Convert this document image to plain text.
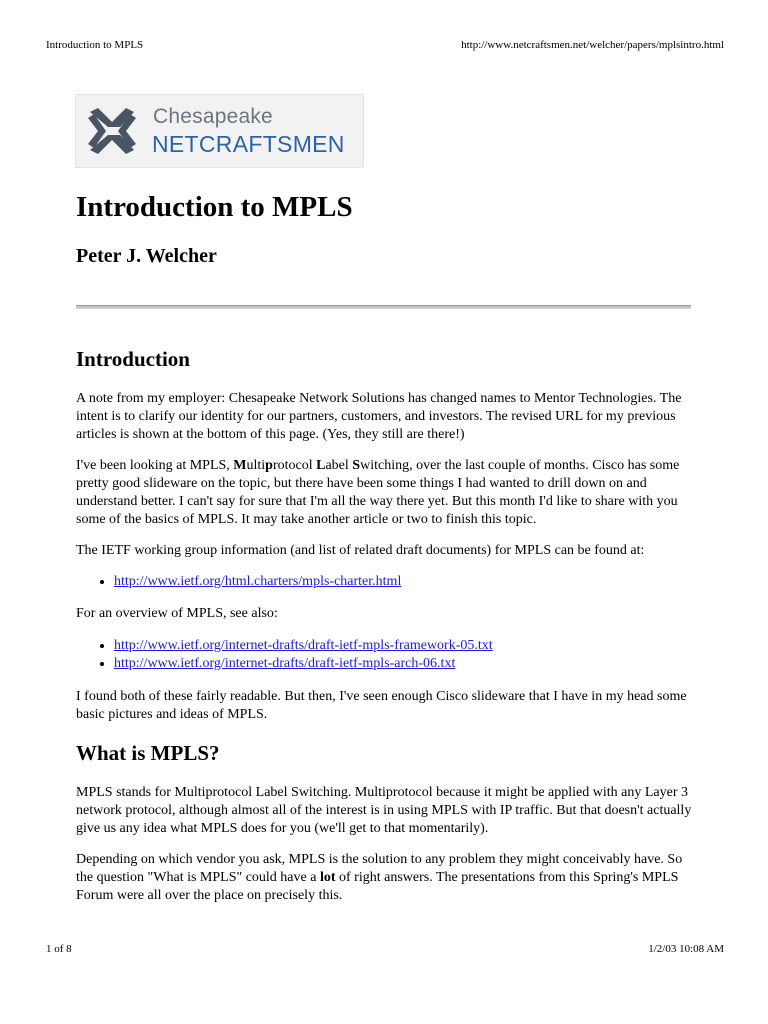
Introduction to MPLS	http://www.netcraftsmen.net/welcher/papers/mplsintro.html
Chesapeake
NETCRAFTSMEN
Introduction to MPLS
Peter J. Welcher
Introduction

A note from my employer: Chesapeake Network Solutions has changed names to Mentor Technologies. The intent is to clarify our identity for our partners, customers, and investors. The revised URL for my previous articles is shown at the bottom of this page. (Yes, they still are there!)

I've been looking at MPLS, Multiprotocol Label Switching, over the last couple of months. Cisco has some pretty good slideware on the topic, but there have been some things I had wanted to drill down on and understand better. I can't say for sure that I'm all the way there yet. But this month I'd like to share with you some of the basics of MPLS. It may take another article or two to finish this topic.

The IETF working group information (and list of related draft documents) for MPLS can be found at:

• http://www.ietf.org/html.charters/mpls-charter.html

For an overview of MPLS, see also:

• http://www.ietf.org/internet-drafts/draft-ietf-mpls-framework-05.txt
• http://www.ietf.org/internet-drafts/draft-ietf-mpls-arch-06.txt

I found both of these fairly readable. But then, I've seen enough Cisco slideware that I have in my head some basic pictures and ideas of MPLS.

What is MPLS?

MPLS stands for Multiprotocol Label Switching. Multiprotocol because it might be applied with any Layer 3 network protocol, although almost all of the interest is in using MPLS with IP traffic. But that doesn't actually give us any idea what MPLS does for you (we'll get to that momentarily).

Depending on which vendor you ask, MPLS is the solution to any problem they might conceivably have. So the question "What is MPLS" could have a lot of right answers. The presentations from this Spring's MPLS Forum were all over the place on precisely this.

1 of 8	1/2/03 10:08 AM
